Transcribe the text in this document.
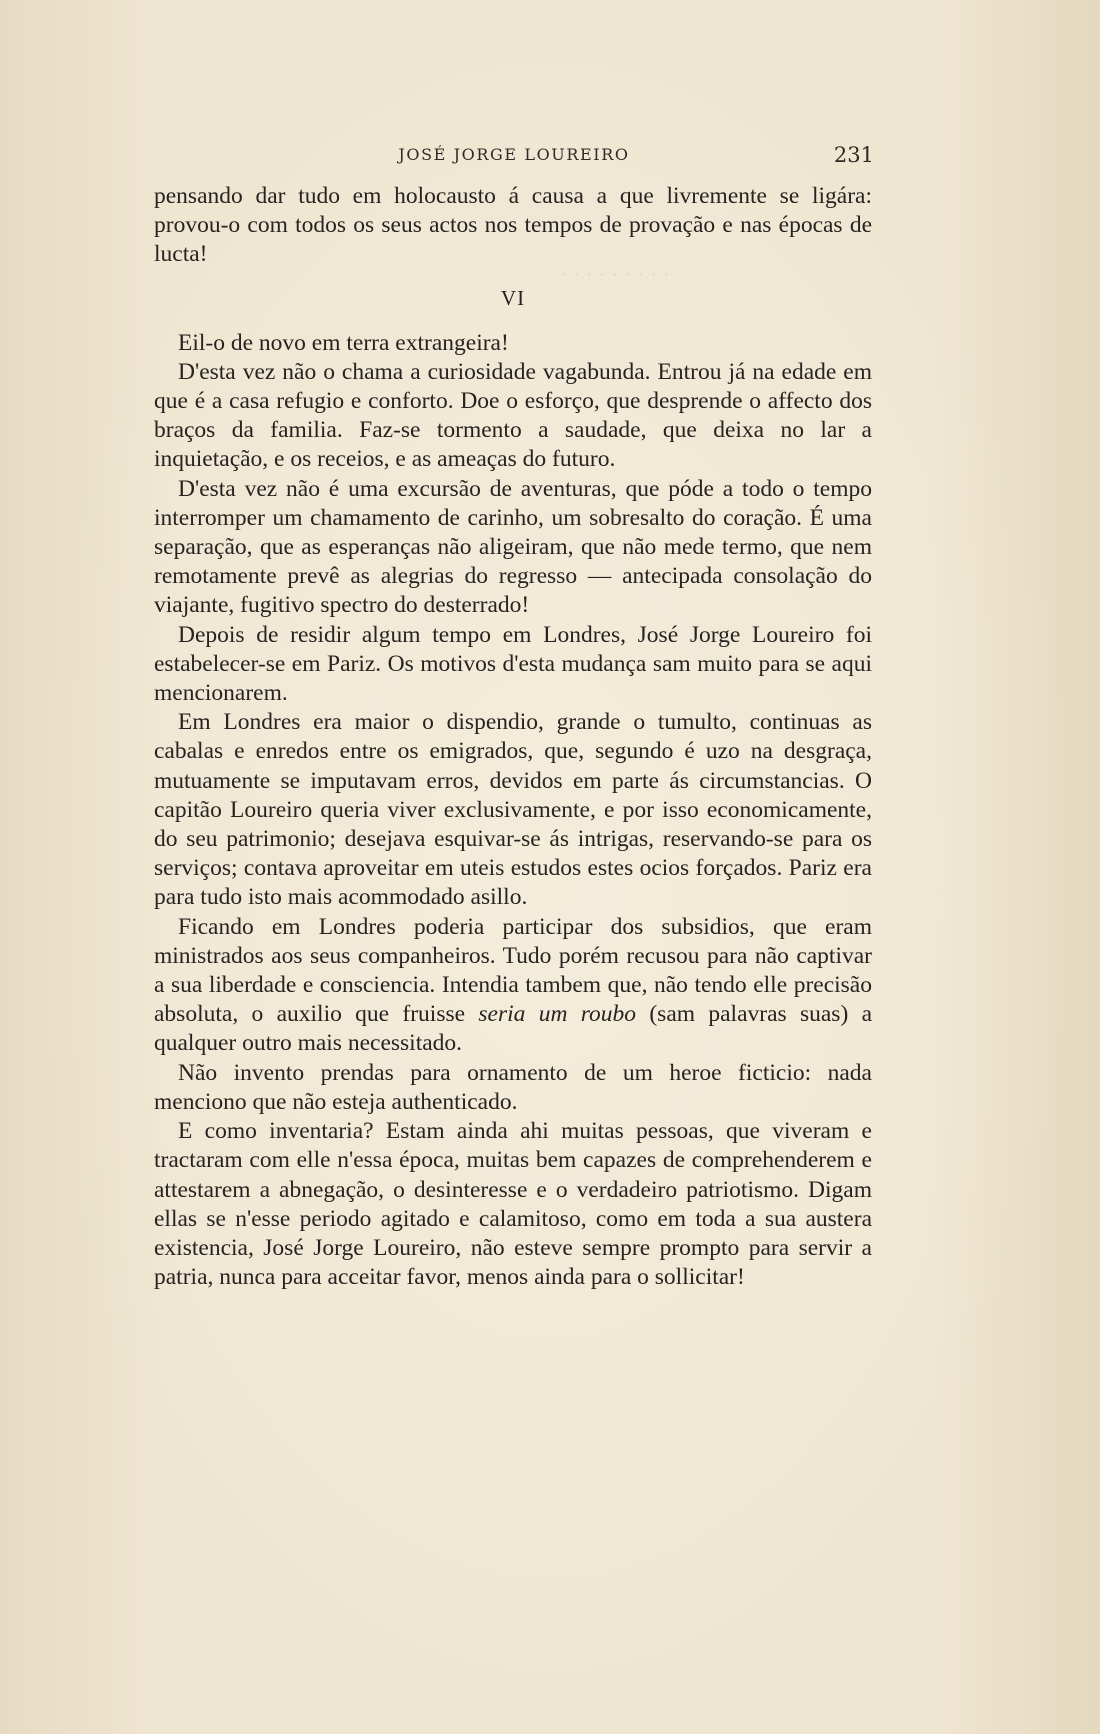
· · · · · · · · ·
JOSÉ JORGE LOUREIRO	231

pensando dar tudo em holocausto á causa a que livremente se ligára: provou-o com todos os seus actos nos tempos de provação e nas épocas de lucta!

VI

Eil-o de novo em terra extrangeira!

D'esta vez não o chama a curiosidade vagabunda. Entrou já na edade em que é a casa refugio e conforto. Doe o esforço, que desprende o affecto dos braços da familia. Faz-se tormento a saudade, que deixa no lar a inquietação, e os receios, e as ameaças do futuro.

D'esta vez não é uma excursão de aventuras, que póde a todo o tempo interromper um chamamento de carinho, um sobresalto do coração. É uma separação, que as esperanças não aligeiram, que não mede termo, que nem remotamente prevê as alegrias do regresso — antecipada consolação do viajante, fugitivo spectro do desterrado!

Depois de residir algum tempo em Londres, José Jorge Loureiro foi estabelecer-se em Pariz. Os motivos d'esta mudança sam muito para se aqui mencionarem.

Em Londres era maior o dispendio, grande o tumulto, continuas as cabalas e enredos entre os emigrados, que, segundo é uzo na desgraça, mutuamente se imputavam erros, devidos em parte ás circumstancias. O capitão Loureiro queria viver exclusivamente, e por isso economicamente, do seu patrimonio; desejava esquivar-se ás intrigas, reservando-se para os serviços; contava aproveitar em uteis estudos estes ocios forçados. Pariz era para tudo isto mais acommodado asillo.

Ficando em Londres poderia participar dos subsidios, que eram ministrados aos seus companheiros. Tudo porém recusou para não captivar a sua liberdade e consciencia. Intendia tambem que, não tendo elle precisão absoluta, o auxilio que fruisse seria um roubo (sam palavras suas) a qualquer outro mais necessitado.

Não invento prendas para ornamento de um heroe ficticio: nada menciono que não esteja authenticado.

E como inventaria? Estam ainda ahi muitas pessoas, que viveram e tractaram com elle n'essa época, muitas bem capazes de comprehenderem e attestarem a abnegação, o desinteresse e o verdadeiro patriotismo. Digam ellas se n'esse periodo agitado e calamitoso, como em toda a sua austera existencia, José Jorge Loureiro, não esteve sempre prompto para servir a patria, nunca para acceitar favor, menos ainda para o sollicitar!
